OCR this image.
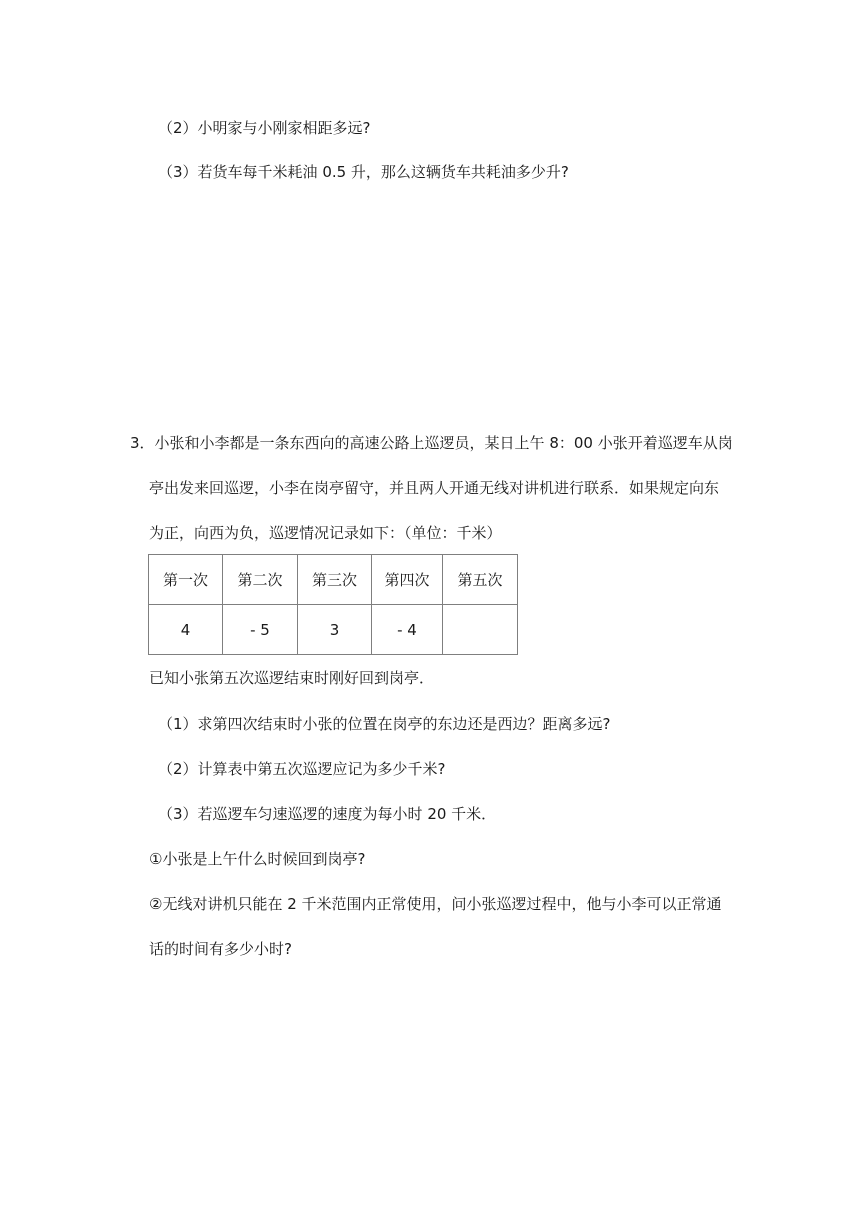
（2）小明家与小刚家相距多远?
（3）若货车每千米耗油 0.5 升，那么这辆货车共耗油多少升?
3．小张和小李都是一条东西向的高速公路上巡逻员，某日上午 8：00 小张开着巡逻车从岗
亭出发来回巡逻，小李在岗亭留守，并且两人开通无线对讲机进行联系．如果规定向东
为正，向西为负，巡逻情况记录如下：（单位：千米）
第一次	第二次	第三次	第四次	第五次
4	- 5	3	- 4	
已知小张第五次巡逻结束时刚好回到岗亭．
（1）求第四次结束时小张的位置在岗亭的东边还是西边？距离多远?
（2）计算表中第五次巡逻应记为多少千米?
（3）若巡逻车匀速巡逻的速度为每小时 20 千米．
①小张是上午什么时候回到岗亭?
②无线对讲机只能在 2 千米范围内正常使用，问小张巡逻过程中，他与小李可以正常通
话的时间有多少小时?
